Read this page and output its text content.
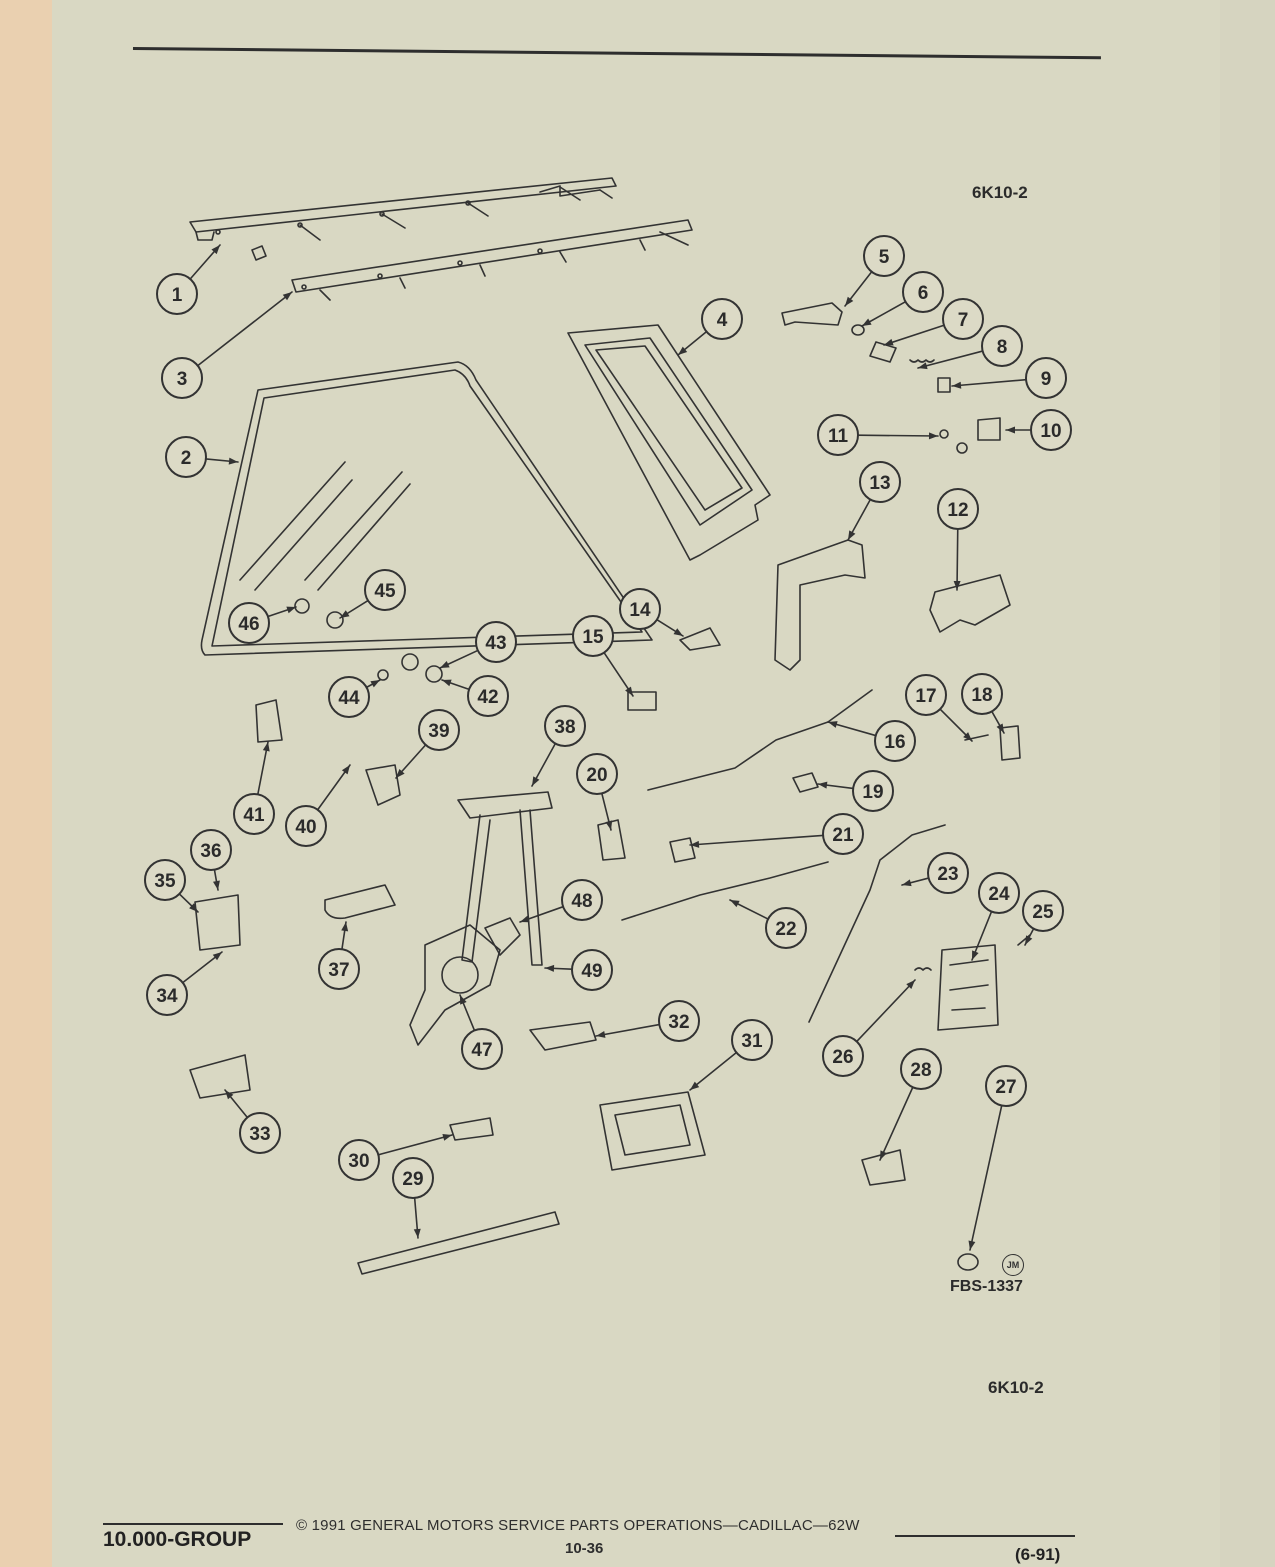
1
2
3
4
5
6
7
8
9
10
11
12
13
14
15
16
17 18
19
20
21
22
23
24
25
26
27
28
29
30
31
32
33
34
35
36
37
38
39
40
41
42
43
44
45
46
47
48
49
6K10-2
FBS-1337
JM
6K10-2
10.000-GROUP
© 1991 GENERAL MOTORS SERVICE PARTS OPERATIONS—CADILLAC—62W
10-36	(6-91)
